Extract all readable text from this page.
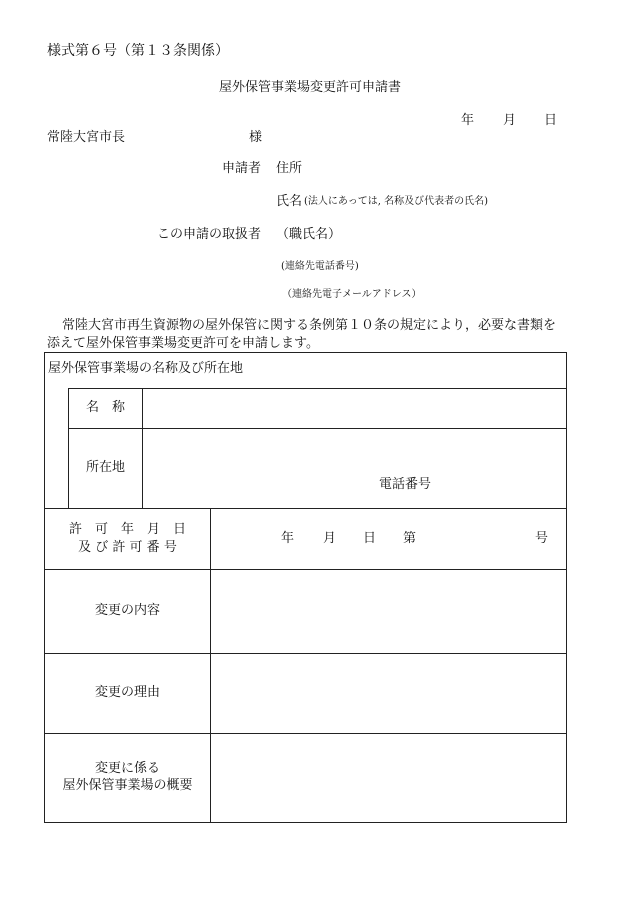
様式第６号（第１３条関係）
屋外保管事業場変更許可申請書
年 月 日
常陸大宮市長	様
申請者 住所
氏名 (法人にあっては, 名称及び代表者の氏名)
この申請の取扱者 （職氏名）
(連絡先電話番号)
（連絡先電子メールアドレス）
常陸大宮市再生資源物の屋外保管に関する条例第１０条の規定により，必要な書類を
添えて屋外保管事業場変更許可を申請します。
屋外保管事業場の名称及び所在地
名　称
所在地
電話番号
許　可　年　月　日
及 び 許 可 番 号
年 月 日 第	号
変更の内容
変更の理由
変更に係る
屋外保管事業場の概要
